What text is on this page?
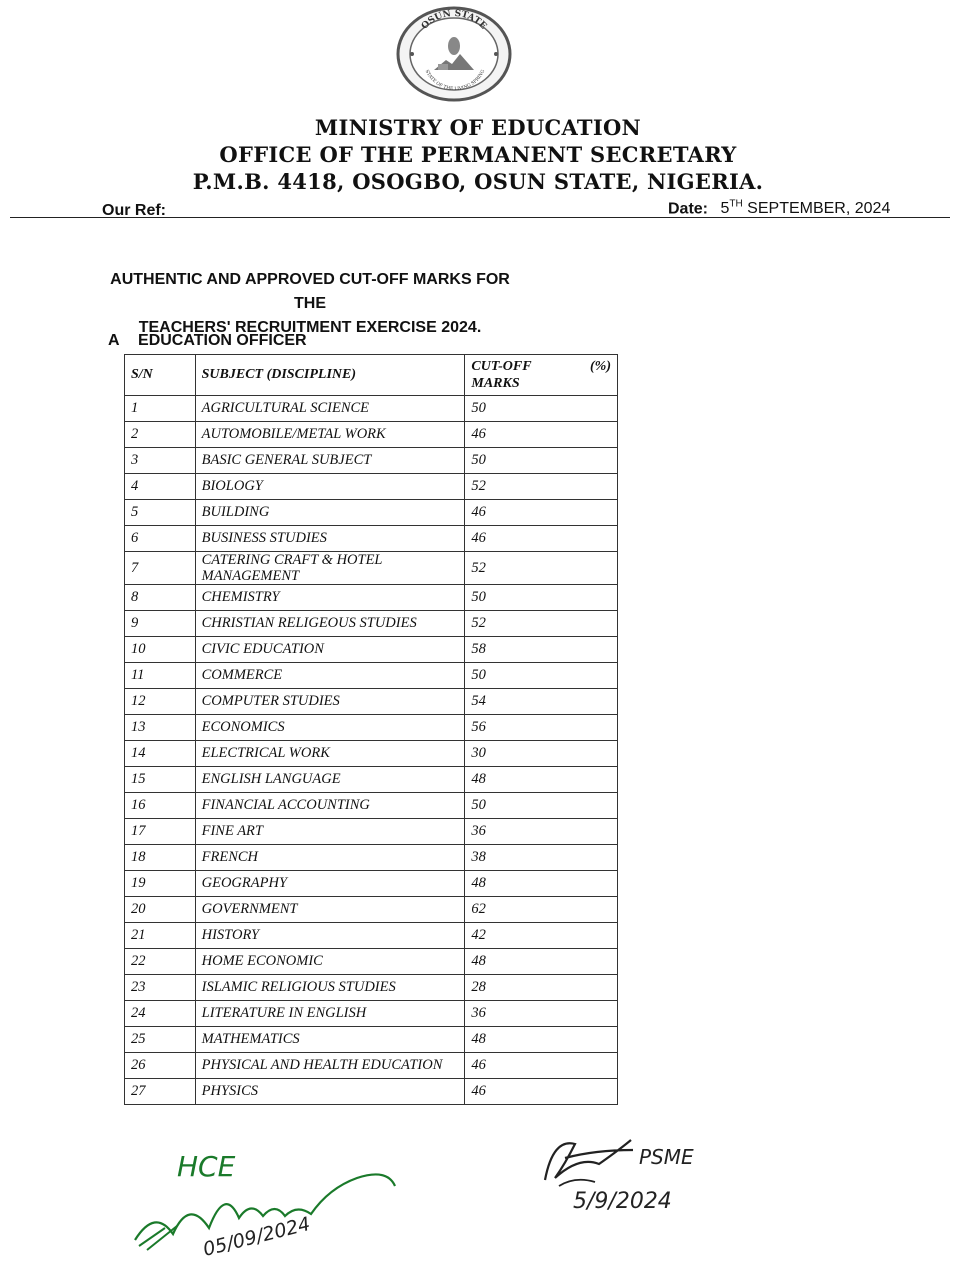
OSUN STATE
STATE OF THE LIVING SPRING
MINISTRY OF EDUCATION
OFFICE OF THE PERMANENT SECRETARY
P.M.B. 4418, OSOGBO, OSUN STATE, NIGERIA.
Our Ref:	Date: 5TH SEPTEMBER, 2024
AUTHENTIC AND APPROVED CUT-OFF MARKS FOR THE
TEACHERS' RECRUITMENT EXERCISE 2024.
A EDUCATION OFFICER
S/N	SUBJECT (DISCIPLINE)	CUT-OFF MARKS
(%)

1	AGRICULTURAL SCIENCE	50
2	AUTOMOBILE/METAL WORK	46
3	BASIC GENERAL SUBJECT	50
4	BIOLOGY	52
5	BUILDING	46
6	BUSINESS STUDIES	46
7	CATERING CRAFT & HOTEL MANAGEMENT	52
8	CHEMISTRY	50
9	CHRISTIAN RELIGEOUS STUDIES	52
10	CIVIC EDUCATION	58
11	COMMERCE	50
12	COMPUTER STUDIES	54
13	ECONOMICS	56
14	ELECTRICAL WORK	30
15	ENGLISH LANGUAGE	48
16	FINANCIAL ACCOUNTING	50
17	FINE ART	36
18	FRENCH	38
19	GEOGRAPHY	48
20	GOVERNMENT	62
21	HISTORY	42
22	HOME ECONOMIC	48
23	ISLAMIC RELIGIOUS STUDIES	28
24	LITERATURE IN ENGLISH	36
25	MATHEMATICS	48
26	PHYSICAL AND HEALTH EDUCATION	46
27	PHYSICS	46
HCE
05/09/2024
PSME
5/9/2024
